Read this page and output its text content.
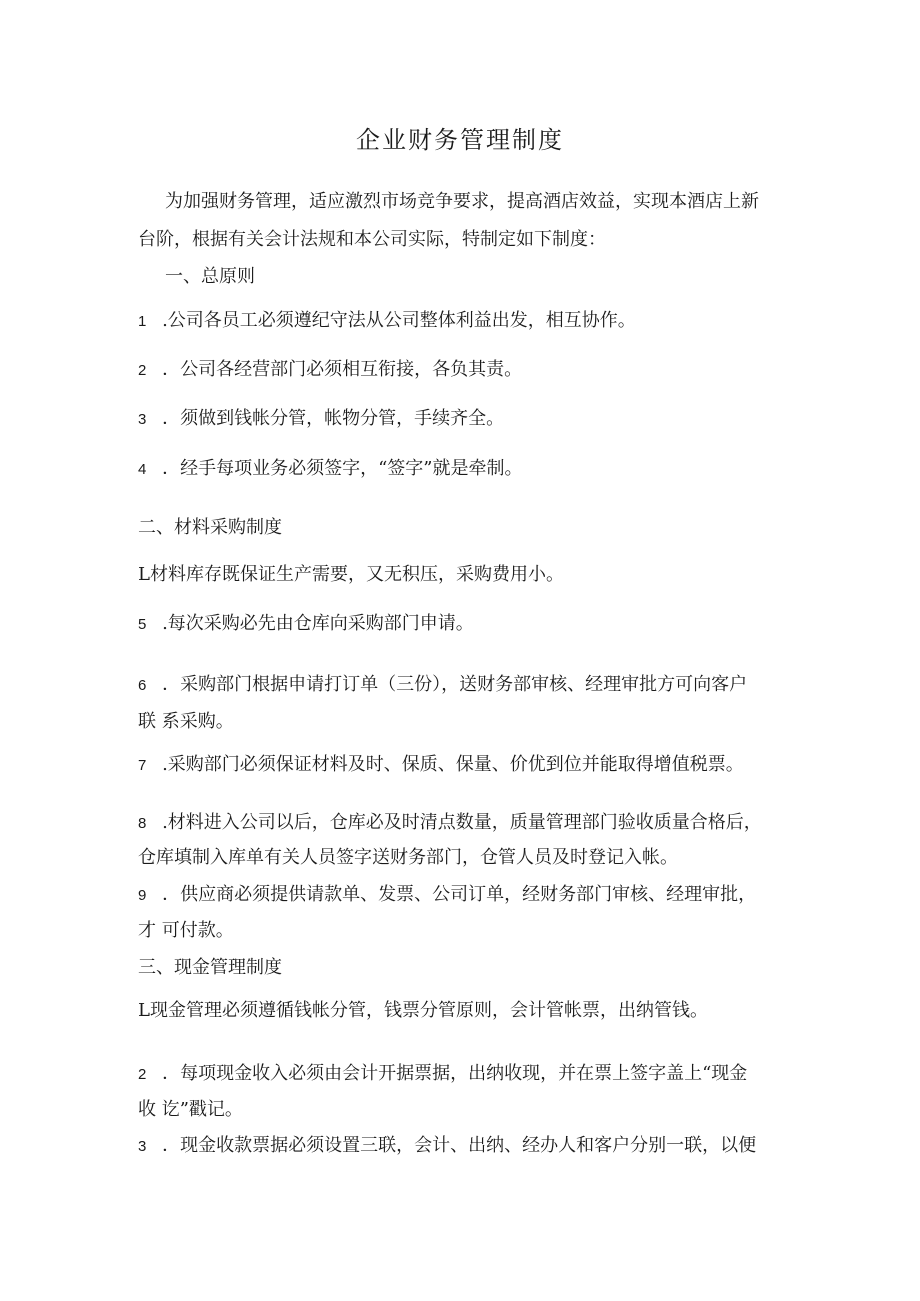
企业财务管理制度
为加强财务管理，适应激烈市场竞争要求，提高酒店效益，实现本酒店上新
台阶，根据有关会计法规和本公司实际，特制定如下制度：
一、总原则
1 .公司各员工必须遵纪守法从公司整体利益出发，相互协作。
2 ．公司各经营部门必须相互衔接，各负其责。
3 ．须做到钱帐分管，帐物分管，手续齐全。
4 ．经手每项业务必须签字，“签字”就是牵制。
二、材料采购制度
L材料库存既保证生产需要，又无积压，采购费用小。
5 .每次采购必先由仓库向采购部门申请。
6 ．采购部门根据申请打订单（三份），送财务部审核、经理审批方可向客户
联 系采购。
7 .采购部门必须保证材料及时、保质、保量、价优到位并能取得增值税票。
8 .材料进入公司以后，仓库必及时清点数量，质量管理部门验收质量合格后，
仓库填制入库单有关人员签字送财务部门，仓管人员及时登记入帐。
9 ．供应商必须提供请款单、发票、公司订单，经财务部门审核、经理审批，
才 可付款。
三、现金管理制度
L现金管理必须遵循钱帐分管，钱票分管原则，会计管帐票，出纳管钱。
2 ．每项现金收入必须由会计开据票据，出纳收现，并在票上签字盖上“现金
收 讫”戳记。
3 ．现金收款票据必须设置三联，会计、出纳、经办人和客户分别一联，以便
